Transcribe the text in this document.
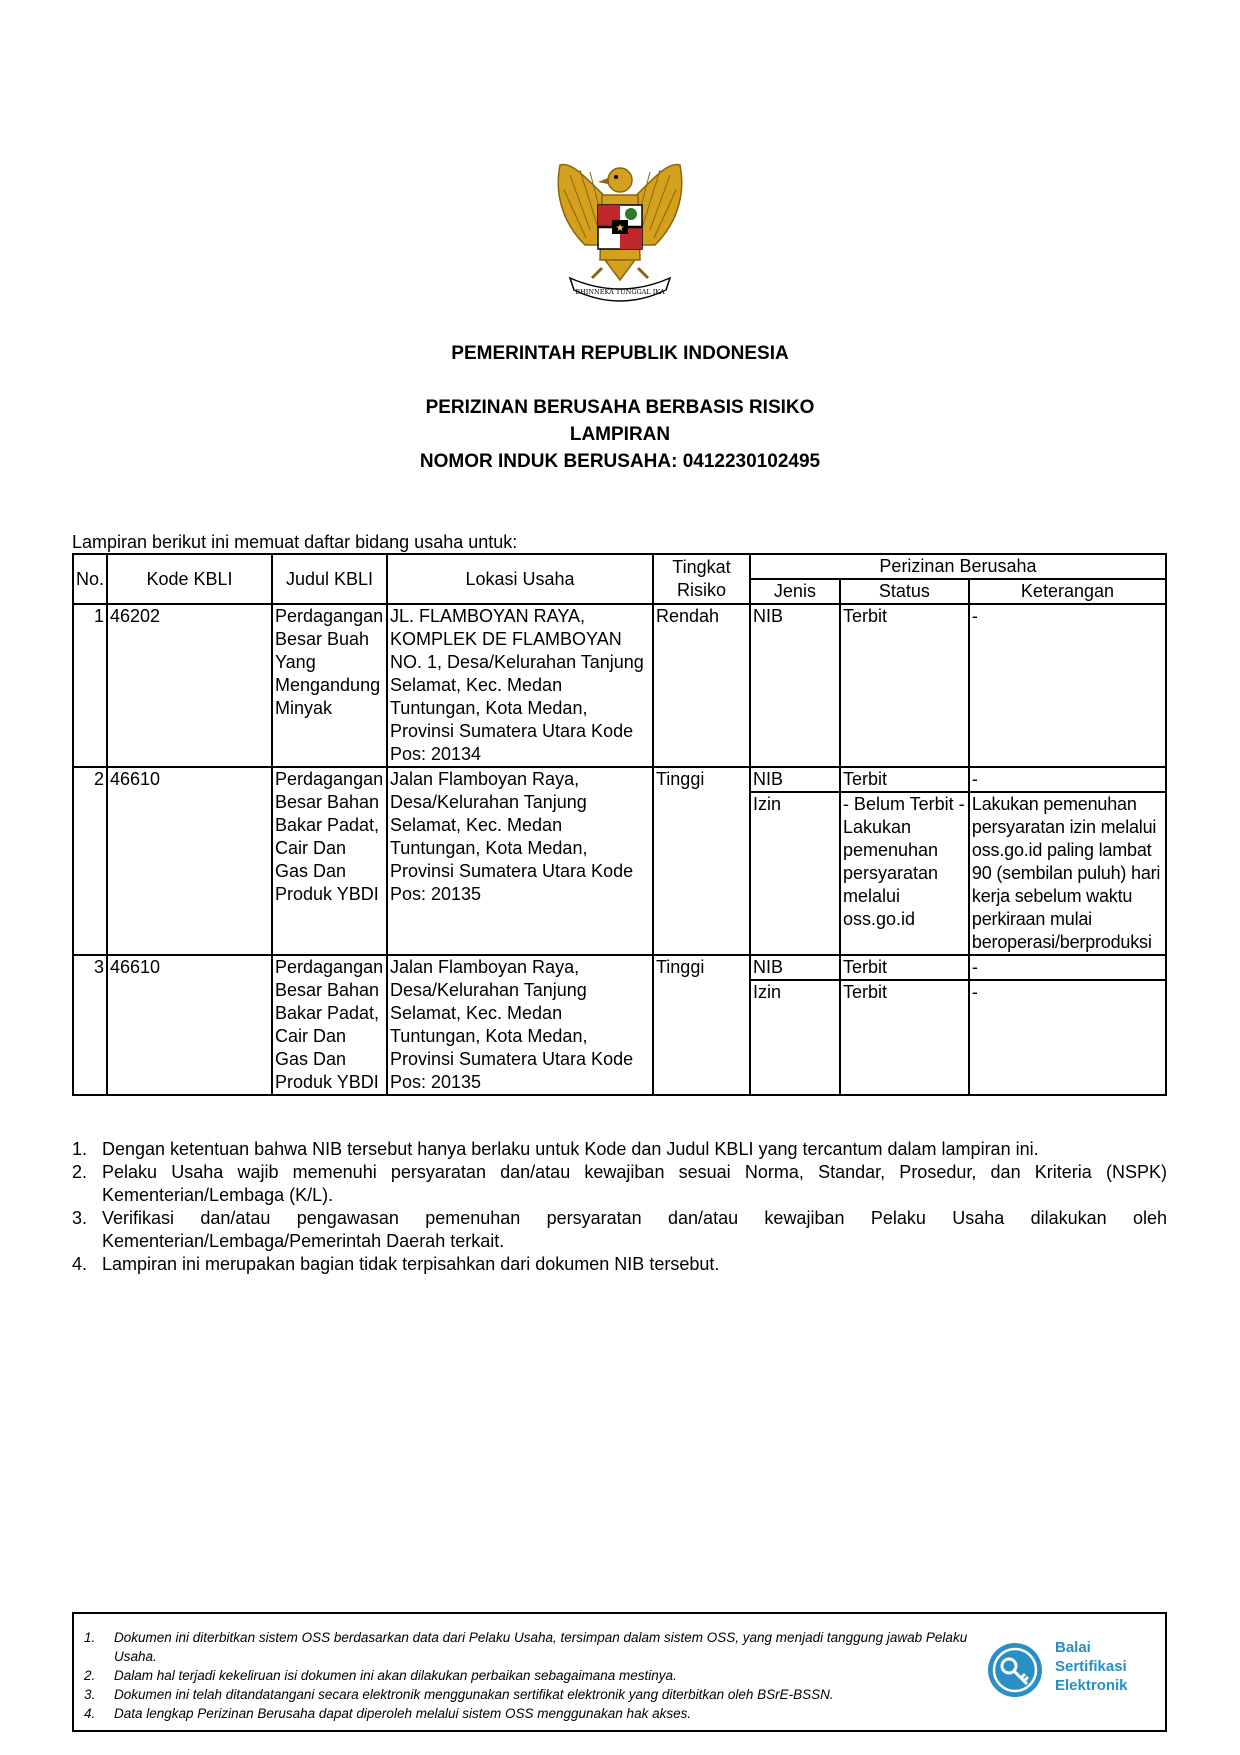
★
BHINNEKA TUNGGAL IKA
PEMERINTAH REPUBLIK INDONESIA
PERIZINAN BERUSAHA BERBASIS RISIKO
LAMPIRAN
NOMOR INDUK BERUSAHA: 0412230102495
Lampiran berikut ini memuat daftar bidang usaha untuk:
No.	Kode KBLI	Judul KBLI	Lokasi Usaha	Tingkat Risiko	Perizinan Berusaha		
					Jenis	Status	Keterangan
1	46202	Perdagangan Besar Buah Yang Mengandung Minyak	JL. FLAMBOYAN RAYA, KOMPLEK DE FLAMBOYAN NO. 1, Desa/Kelurahan Tanjung Selamat, Kec. Medan Tuntungan, Kota Medan, Provinsi Sumatera Utara Kode Pos: 20134	Rendah	NIB	Terbit	-
2	46610	Perdagangan Besar Bahan Bakar Padat, Cair Dan Gas Dan Produk YBDI	Jalan Flamboyan Raya, Desa/Kelurahan Tanjung Selamat, Kec. Medan Tuntungan, Kota Medan, Provinsi Sumatera Utara Kode Pos: 20135	Tinggi	NIB	Terbit	-
					Izin	- Belum Terbit - Lakukan pemenuhan persyaratan melalui oss.go.id	Lakukan pemenuhan persyaratan izin melalui oss.go.id paling lambat 90 (sembilan puluh) hari kerja sebelum waktu perkiraan mulai beroperasi/berproduksi
3	46610	Perdagangan Besar Bahan Bakar Padat, Cair Dan Gas Dan Produk YBDI	Jalan Flamboyan Raya, Desa/Kelurahan Tanjung Selamat, Kec. Medan Tuntungan, Kota Medan, Provinsi Sumatera Utara Kode Pos: 20135	Tinggi	NIB	Terbit	-
					Izin	Terbit	-
1. Dengan ketentuan bahwa NIB tersebut hanya berlaku untuk Kode dan Judul KBLI yang tercantum dalam lampiran ini.
2. Pelaku Usaha wajib memenuhi persyaratan dan/atau kewajiban sesuai Norma, Standar, Prosedur, dan Kriteria (NSPK) Kementerian/Lembaga (K/L).
3. Verifikasi dan/atau pengawasan pemenuhan persyaratan dan/atau kewajiban Pelaku Usaha dilakukan oleh Kementerian/Lembaga/Pemerintah Daerah terkait.
4. Lampiran ini merupakan bagian tidak terpisahkan dari dokumen NIB tersebut.
1.	Dokumen ini diterbitkan sistem OSS berdasarkan data dari Pelaku Usaha, tersimpan dalam sistem OSS, yang menjadi tanggung jawab Pelaku Usaha.
2.	Dalam hal terjadi kekeliruan isi dokumen ini akan dilakukan perbaikan sebagaimana mestinya.
3.	Dokumen ini telah ditandatangani secara elektronik menggunakan sertifikat elektronik yang diterbitkan oleh BSrE-BSSN.
4.	Data lengkap Perizinan Berusaha dapat diperoleh melalui sistem OSS menggunakan hak akses.
Balai
Sertifikasi
Elektronik
